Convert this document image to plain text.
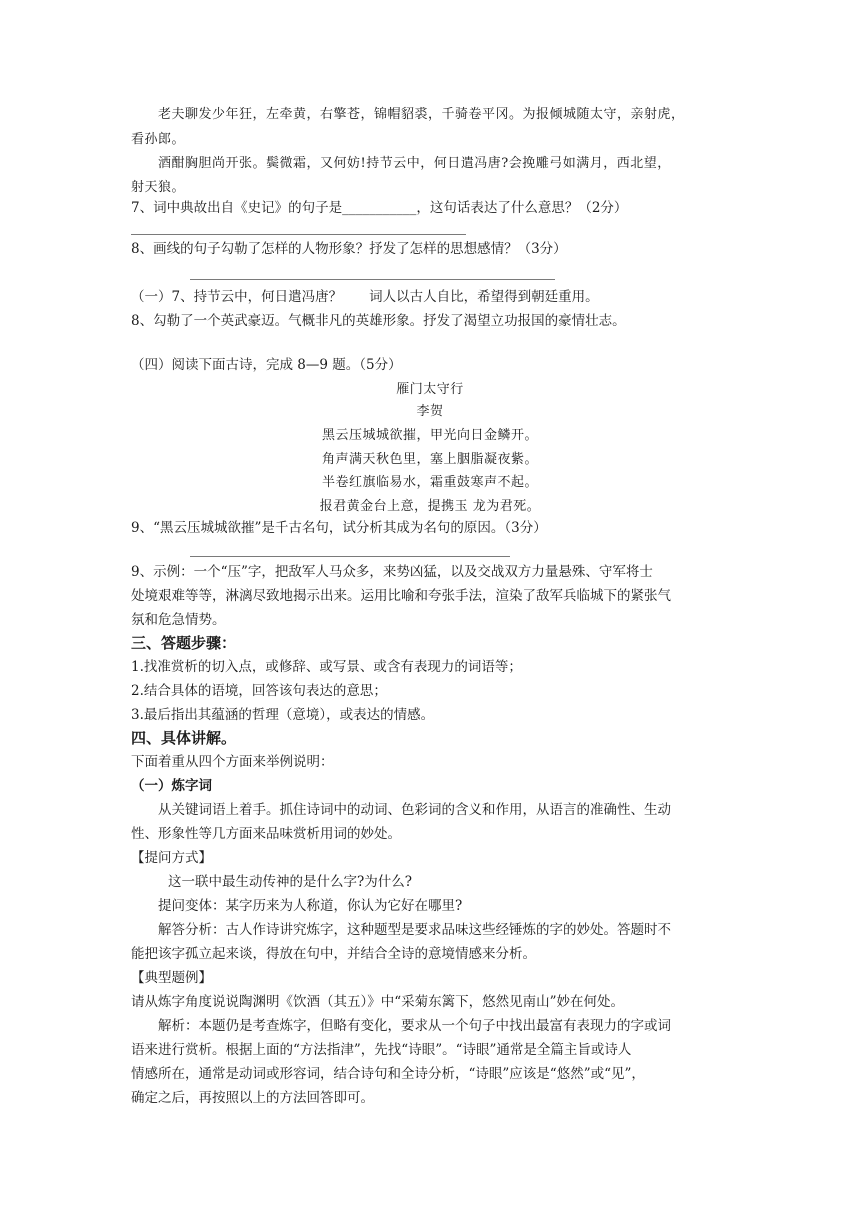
老夫聊发少年狂，左牵黄，右擎苍，锦帽貂裘，千骑卷平冈。为报倾城随太守，亲射虎，
看孙郎。
酒酣胸胆尚开张。鬓微霜，又何妨!持节云中，何日遣冯唐?会挽雕弓如满月，西北望，
射天狼。
7、词中典故出自《史记》的句子是___________，这句话表达了什么意思？（2分）
8、画线的句子勾勒了怎样的人物形象？抒发了怎样的思想感情？（3分）
（一）7、持节云中，何日遣冯唐？　　词人以古人自比，希望得到朝廷重用。
8、勾勒了一个英武豪迈。气概非凡的英雄形象。抒发了渴望立功报国的豪情壮志。
（四）阅读下面古诗，完成 8—9 题。（5分）
雁门太守行
李贺
黑云压城城欲摧，甲光向日金鳞开。
角声满天秋色里，塞上胭脂凝夜紫。
半卷红旗临易水，霜重鼓寒声不起。
报君黄金台上意，提携玉 龙为君死。
9、“黑云压城城欲摧”是千古名句，试分析其成为名句的原因。（3分）
9、示例：一个“压”字，把敌军人马众多，来势凶猛，以及交战双方力量悬殊、守军将士
处境艰难等等，淋漓尽致地揭示出来。运用比喻和夸张手法，渲染了敌军兵临城下的紧张气
氛和危急情势。
三、答题步骤：
1.找准赏析的切入点，或修辞、或写景、或含有表现力的词语等；
2.结合具体的语境，回答该句表达的意思；
3.最后指出其蕴涵的哲理（意境），或表达的情感。
四、具体讲解。
下面着重从四个方面来举例说明：
（一）炼字词
从关键词语上着手。抓住诗词中的动词、色彩词的含义和作用，从语言的准确性、生动
性、形象性等几方面来品味赏析用词的妙处。
【提问方式】
这一联中最生动传神的是什么字?为什么?
提问变体：某字历来为人称道，你认为它好在哪里?
解答分析：古人作诗讲究炼字，这种题型是要求品味这些经锤炼的字的妙处。答题时不
能把该字孤立起来谈，得放在句中，并结合全诗的意境情感来分析。
【典型题例】
请从炼字角度说说陶渊明《饮酒（其五）》中“采菊东篱下，悠然见南山”妙在何处。
解析：本题仍是考查炼字，但略有变化，要求从一个句子中找出最富有表现力的字或词
语来进行赏析。根据上面的“方法指津”，先找“诗眼”。“诗眼”通常是全篇主旨或诗人
情感所在，通常是动词或形容词，结合诗句和全诗分析，“诗眼”应该是“悠然”或“见”，
确定之后，再按照以上的方法回答即可。
